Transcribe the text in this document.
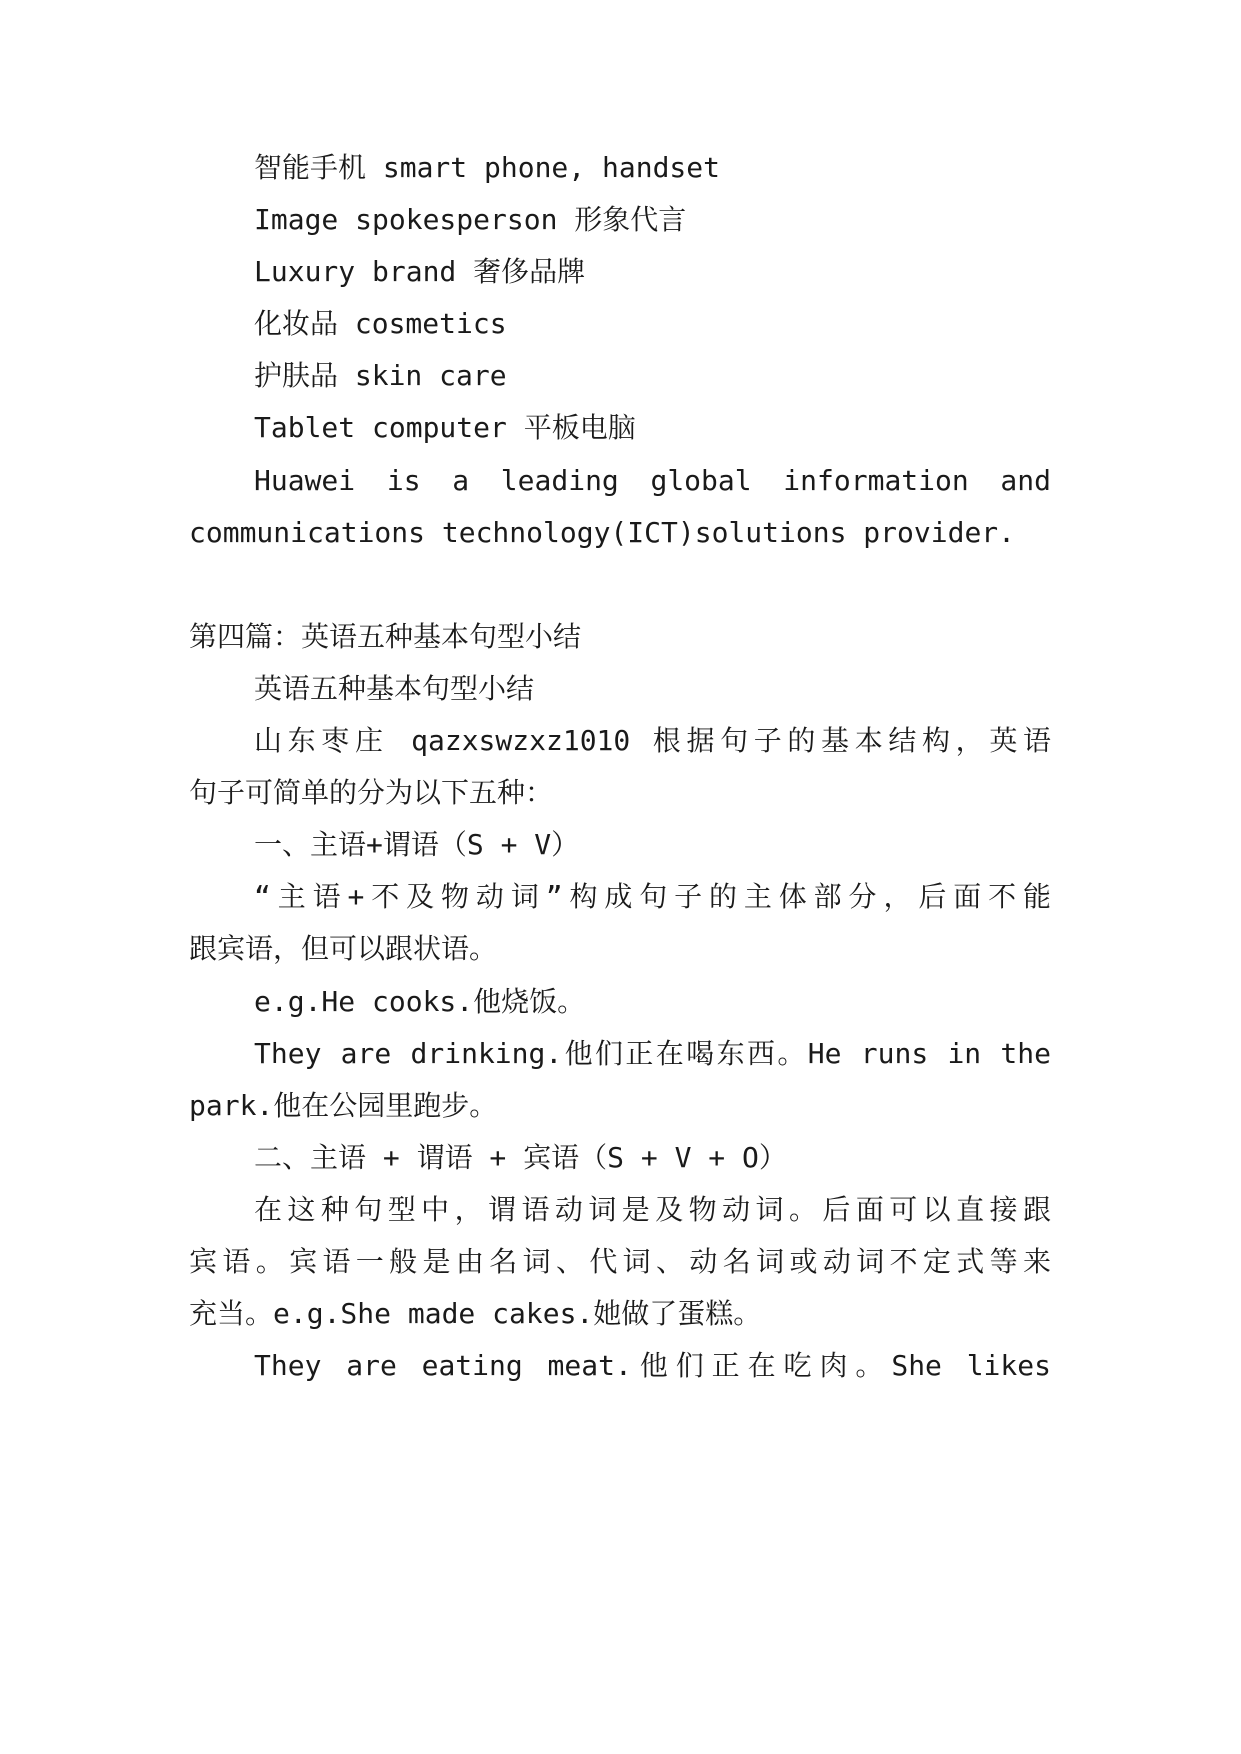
智能手机 smart phone, handset
Image spokesperson 形象代言
Luxury brand 奢侈品牌
化妆品 cosmetics
护肤品 skin care
Tablet computer 平板电脑
Huawei is a leading global information and
communications technology(ICT)solutions provider.
第四篇：英语五种基本句型小结
英语五种基本句型小结
山东枣庄 qazxswzxz1010 根据句子的基本结构，英语
句子可简单的分为以下五种：
一、主语+谓语（S + V）
“主语+不及物动词”构成句子的主体部分，后面不能
跟宾语，但可以跟状语。
e.g.He cooks.他烧饭。
They are drinking.他们正在喝东西。He runs in the
park.他在公园里跑步。
二、主语 + 谓语 + 宾语（S + V + O）
在这种句型中，谓语动词是及物动词。后面可以直接跟
宾语。宾语一般是由名词、代词、动名词或动词不定式等来
充当。e.g.She made cakes.她做了蛋糕。
They are eating meat.他们正在吃肉。She likes
